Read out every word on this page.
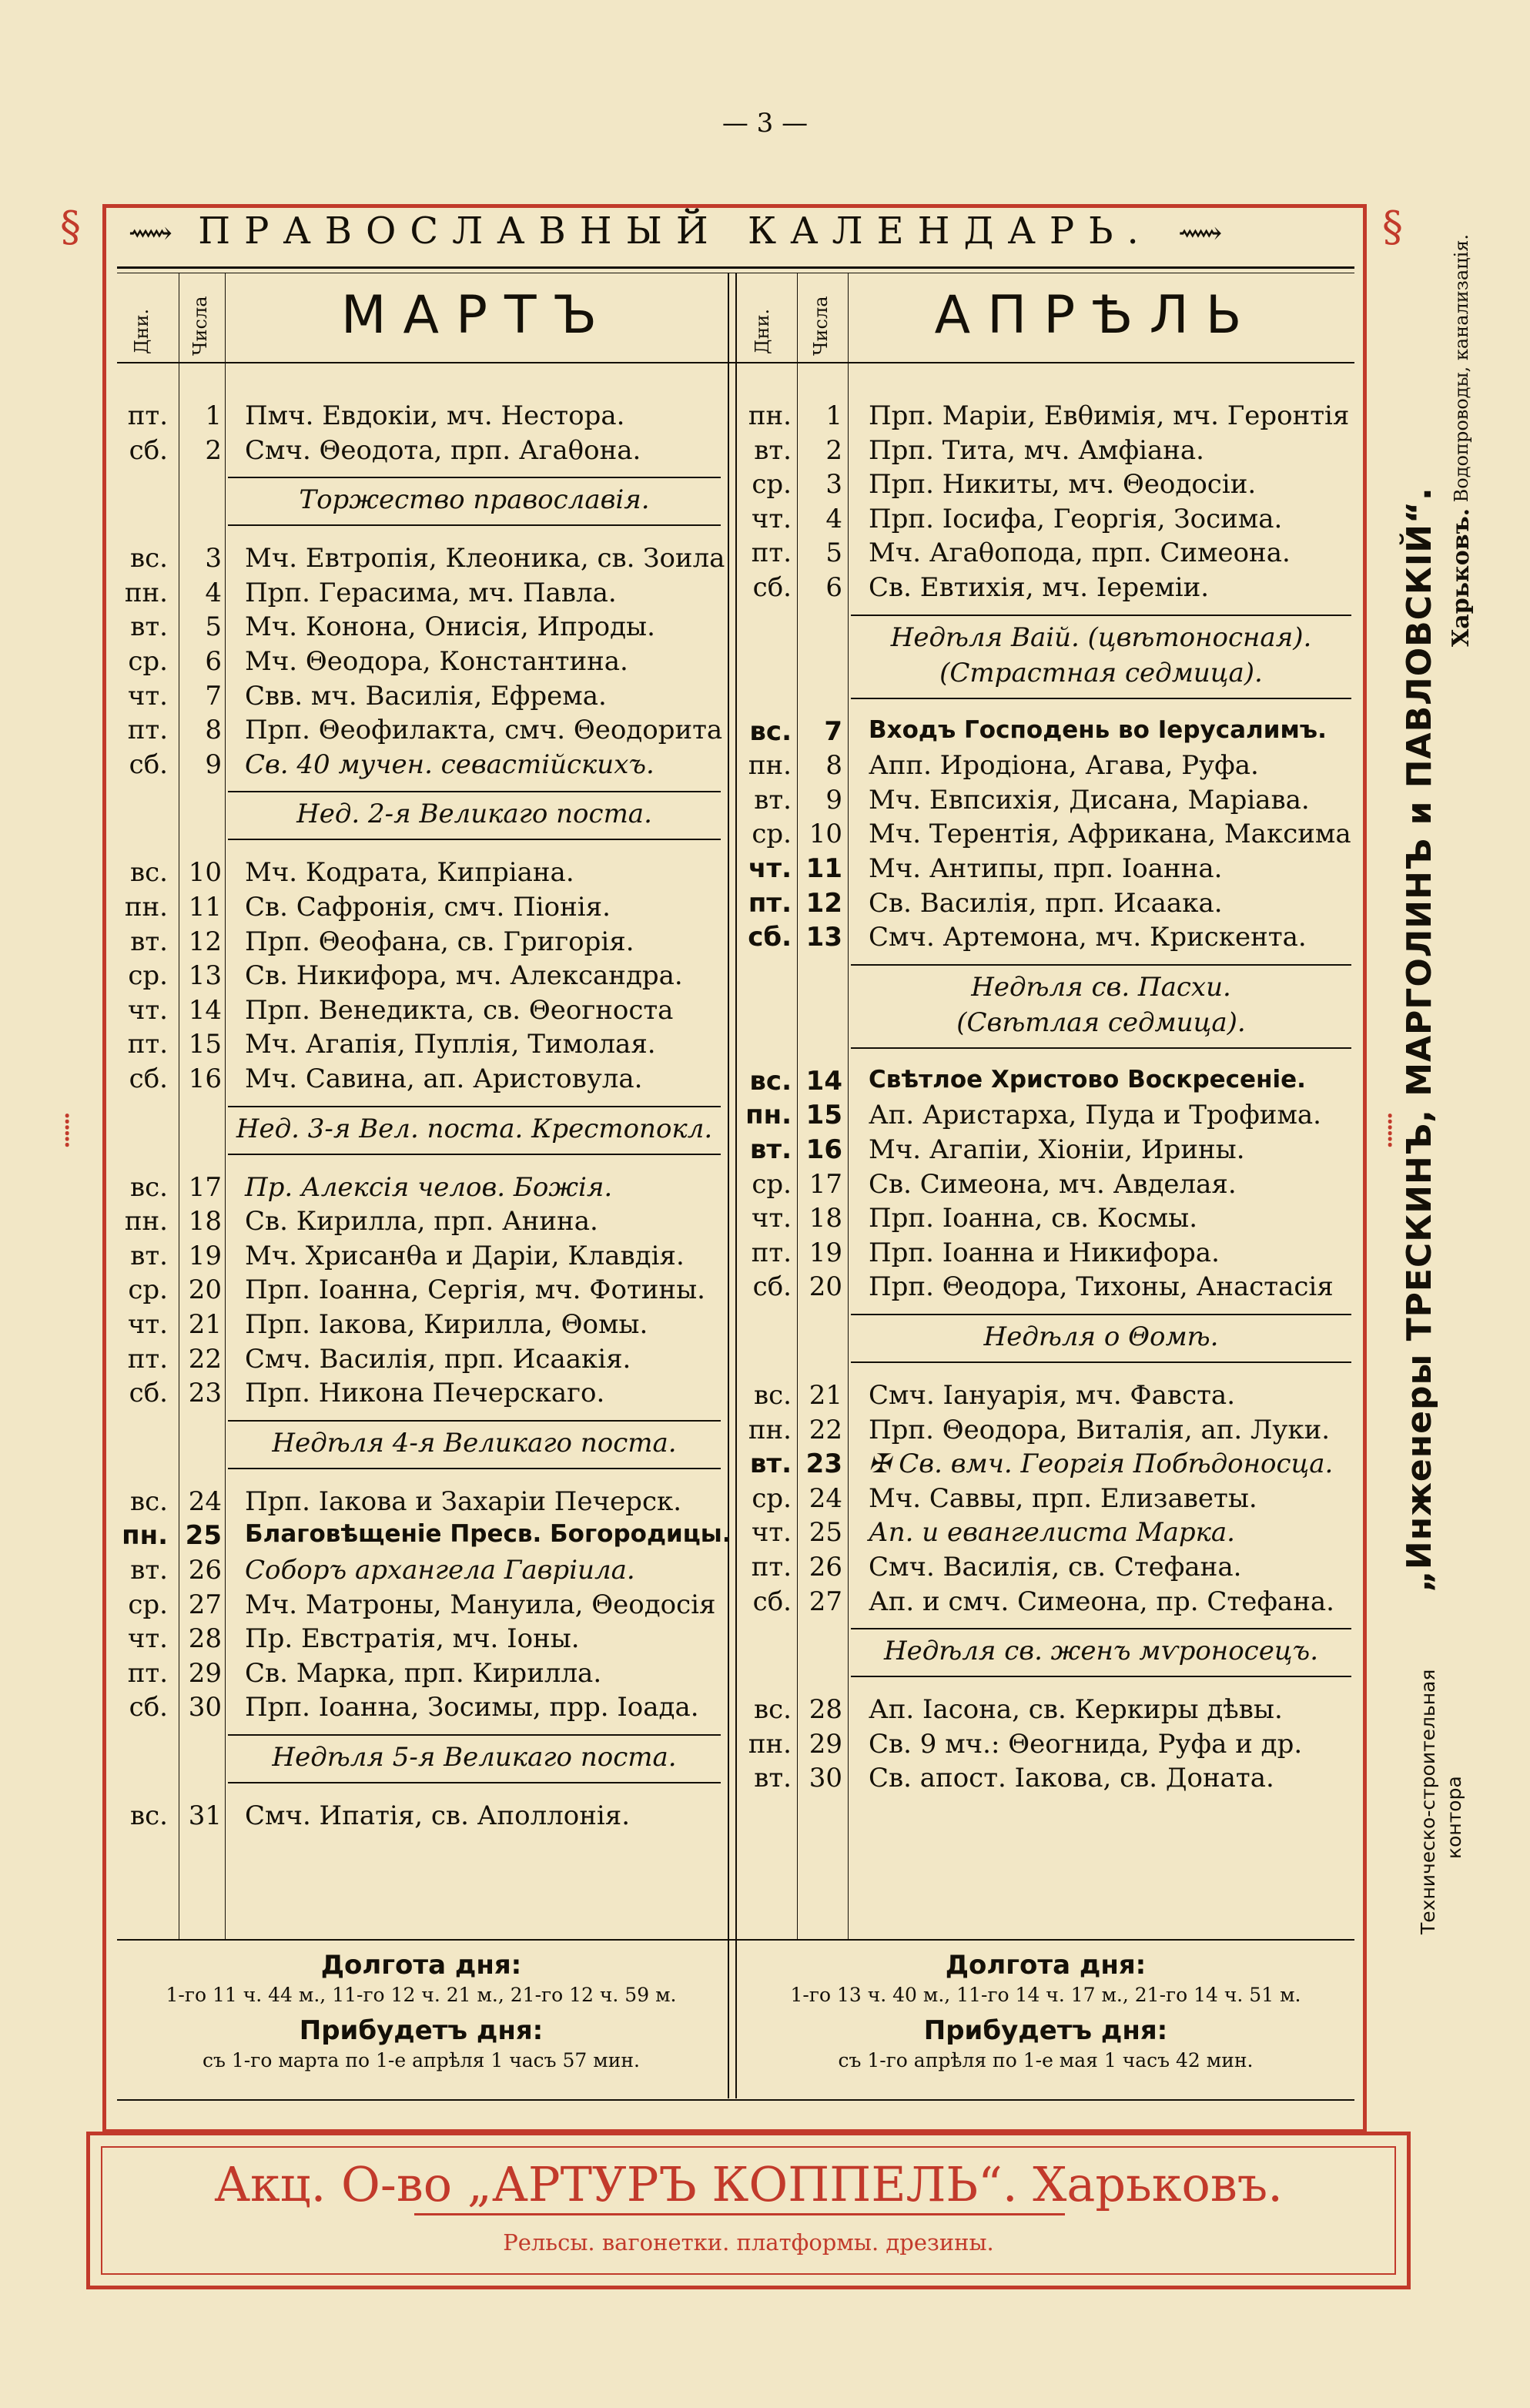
— 3 —
§	§
⸽	⸽
⟿ ПРАВОСЛАВНЫЙ КАЛЕНДАРЬ. ⟿
Дни. Числа	МАРТЪ	Дни. Числа	АПРѢЛЬ
пт.	1 Пмч. Евдокіи, мч. Нестора.
сб.	2 Смч. Θеодота, прп. Агаθона.
Торжество православія.
вс.	3 Мч. Евтропія, Клеоника, св. Зоила
пн.	4 Прп. Герасима, мч. Павла.
вт.	5 Мч. Конона, Онисія, Ипроды.
ср.	6 Мч. Θеодора, Константина.
чт.	7 Свв. мч. Василія, Ефрема.
пт.	8 Прп. Θеофилакта, смч. Θеодорита
сб.	9 Св. 40 мучен. севастійскихъ.
Нед. 2-я Великаго поста.
вс. 10 Мч. Кодрата, Кипріана.
пн. 11 Св. Сафронія, смч. Піонія.
вт. 12 Прп. Θеофана, св. Григорія.
ср. 13 Св. Никифора, мч. Александра.
чт. 14 Прп. Венедикта, св. Θеогноста
пт. 15 Мч. Агапія, Пуплія, Тимолая.
сб. 16 Мч. Савина, ап. Аристовула.
Нед. 3-я Вел. поста. Крестопокл.
вс. 17 Пр. Алексія челов. Божія.
пн. 18 Св. Кирилла, прп. Анина.
вт. 19 Мч. Хрисанθа и Даріи, Клавдія.
ср. 20 Прп. Іоанна, Сергія, мч. Фотины.
чт. 21 Прп. Іакова, Кирилла, Θомы.
пт. 22 Смч. Василія, прп. Исаакія.
сб. 23 Прп. Никона Печерскаго.
Недѣля 4-я Великаго поста.
вс. 24 Прп. Іакова и Захаріи Печерск.
пн. 25 Благовѣщеніе Пресв. Богородицы.
вт. 26 Соборъ архангела Гавріила.
ср. 27 Мч. Матроны, Мануила, Θеодосія
чт. 28 Пр. Евстратія, мч. Іоны.
пт. 29 Св. Марка, прп. Кирилла.
сб. 30 Прп. Іоанна, Зосимы, прр. Іоада.
Недѣля 5-я Великаго поста.
вс. 31 Смч. Ипатія, св. Аполлонія.
пн.	1 Прп. Маріи, Евθимія, мч. Геронтія
вт.	2 Прп. Тита, мч. Амфіана.
ср.	3 Прп. Никиты, мч. Θеодосіи.
чт.	4 Прп. Іосифа, Георгія, Зосима.
пт.	5 Мч. Агаθопода, прп. Симеона.
сб.	6 Св. Евтихія, мч. Іереміи.
Недѣля Ваій. (цвѣтоносная).
(Страстная седмица).
вс.	7 Входъ Господень во Іерусалимъ.
пн.	8 Апп. Иродіона, Агава, Руфа.
вт.	9 Мч. Евпсихія, Дисана, Маріава.
ср. 10 Мч. Терентія, Африкана, Максима
чт. 11 Мч. Антипы, прп. Іоанна.
пт. 12 Св. Василія, прп. Исаака.
сб. 13 Смч. Артемона, мч. Крискента.
Недѣля св. Пасхи.
(Свѣтлая седмица).
вс. 14 Свѣтлое Христово Воскресеніе.
пн. 15 Ап. Аристарха, Пуда и Трофима.
вт. 16 Мч. Агапіи, Хіоніи, Ирины.
ср. 17 Св. Симеона, мч. Авделая.
чт. 18 Прп. Іоанна, св. Космы.
пт. 19 Прп. Іоанна и Никифора.
сб. 20 Прп. Θеодора, Тихоны, Анастасія
Недѣля о Θомѣ.
вс. 21 Смч. Іануарія, мч. Фавста.
пн. 22 Прп. Θеодора, Виталія, ап. Луки.
вт. 23 ✠ Св. вмч. Георгія Побѣдоносца.
ср. 24 Мч. Саввы, прп. Елизаветы.
чт. 25 Ап. и евангелиста Марка.
пт. 26 Смч. Василія, св. Стефана.
сб. 27 Ап. и смч. Симеона, пр. Стефана.
Недѣля св. женъ мѵроносецъ.
вс. 28 Ап. Іасона, св. Керкиры дѣвы.
пн. 29 Св. 9 мч.: Θеогнида, Руфа и др.
вт. 30 Св. апост. Іакова, св. Доната.
Долгота дня:
1-го 11 ч. 44 м., 11-го 12 ч. 21 м., 21-го 12 ч. 59 м.
Прибудетъ дня:
съ 1-го марта по 1-е апрѣля 1 часъ 57 мин.
Долгота дня:
1-го 13 ч. 40 м., 11-го 14 ч. 17 м., 21-го 14 ч. 51 м.
Прибудетъ дня:
съ 1-го апрѣля по 1-е мая 1 часъ 42 мин.
„Инженеры ТРЕСКИНЪ, МАРГОЛИНЪ и ПАВЛОВСКІЙ“. Харьковъ. Водопроводы, канализація.
Техническо-строительная контора
Акц. О-во „АРТУРЪ КОППЕЛЬ“. Харьковъ.
Рельсы. вагонетки. платформы. дрезины.
